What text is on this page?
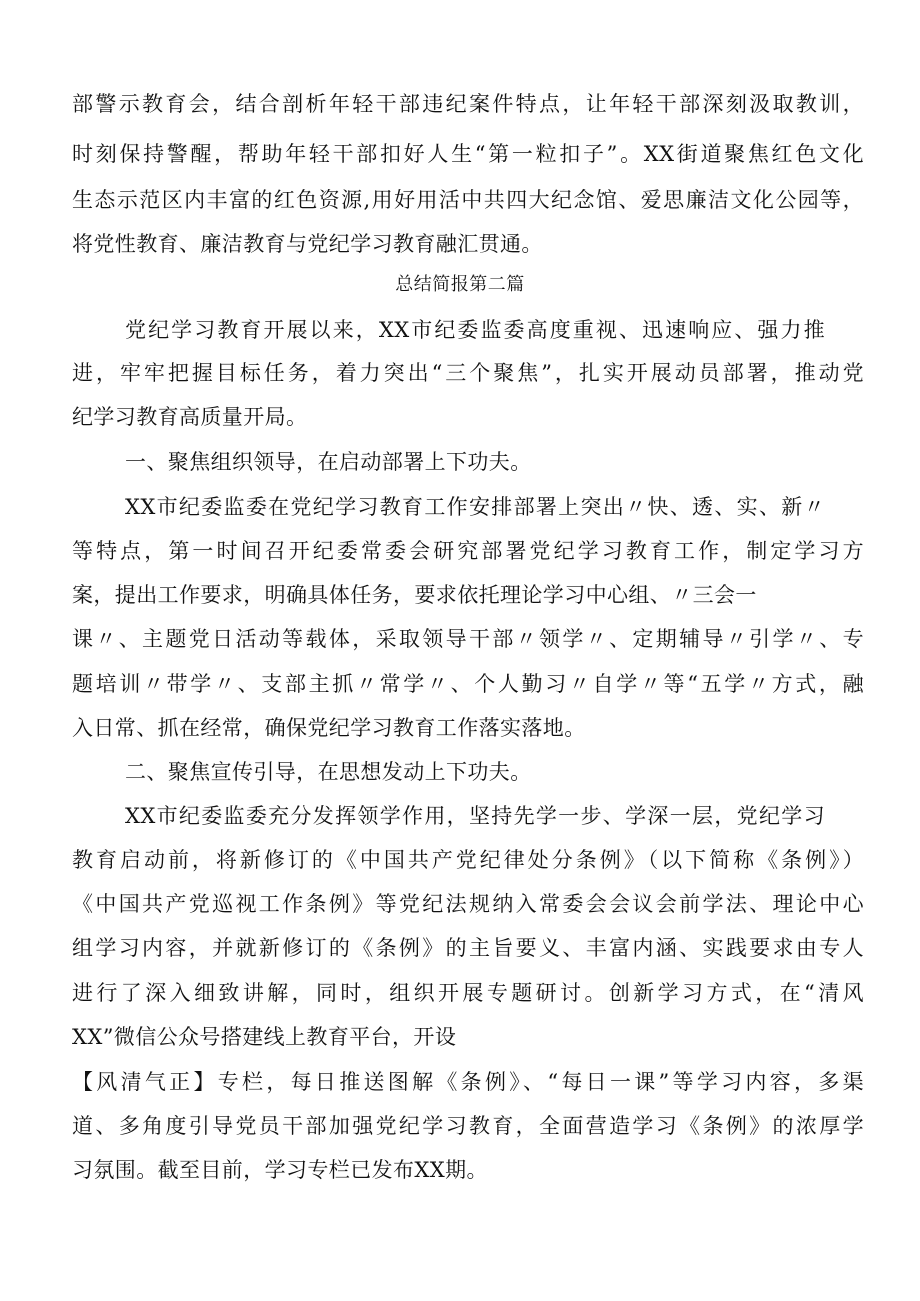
部警示教育会，结合剖析年轻干部违纪案件特点，让年轻干部深刻汲取教训，
时刻保持警醒，帮助年轻干部扣好人生“第一粒扣子”。XX街道聚焦红色文化
生态示范区内丰富的红色资源,用好用活中共四大纪念馆、爱思廉洁文化公园等，
将党性教育、廉洁教育与党纪学习教育融汇贯通。
总结简报第二篇
党纪学习教育开展以来，XX市纪委监委高度重视、迅速响应、强力推
进，牢牢把握目标任务，着力突出“三个聚焦”，扎实开展动员部署，推动党
纪学习教育高质量开局。
一、聚焦组织领导，在启动部署上下功夫。
XX市纪委监委在党纪学习教育工作安排部署上突出〃快、透、实、新〃
等特点，第一时间召开纪委常委会研究部署党纪学习教育工作，制定学习方
案，提出工作要求，明确具体任务，要求依托理论学习中心组、〃三会一
课〃、主题党日活动等载体，采取领导干部〃领学〃、定期辅导〃引学〃、专
题培训〃带学〃、支部主抓〃常学〃、个人勤习〃自学〃等“五学〃方式，融
入日常、抓在经常，确保党纪学习教育工作落实落地。
二、聚焦宣传引导，在思想发动上下功夫。
XX市纪委监委充分发挥领学作用，坚持先学一步、学深一层，党纪学习
教育启动前，将新修订的《中国共产党纪律处分条例》（以下简称《条例》）
《中国共产党巡视工作条例》等党纪法规纳入常委会会议会前学法、理论中心
组学习内容，并就新修订的《条例》的主旨要义、丰富内涵、实践要求由专人
进行了深入细致讲解，同时，组织开展专题研讨。创新学习方式，在“清风
XX”微信公众号搭建线上教育平台，开设
【风清气正】专栏，每日推送图解《条例》、“每日一课”等学习内容，多渠
道、多角度引导党员干部加强党纪学习教育，全面营造学习《条例》的浓厚学
习氛围。截至目前，学习专栏已发布XX期。
